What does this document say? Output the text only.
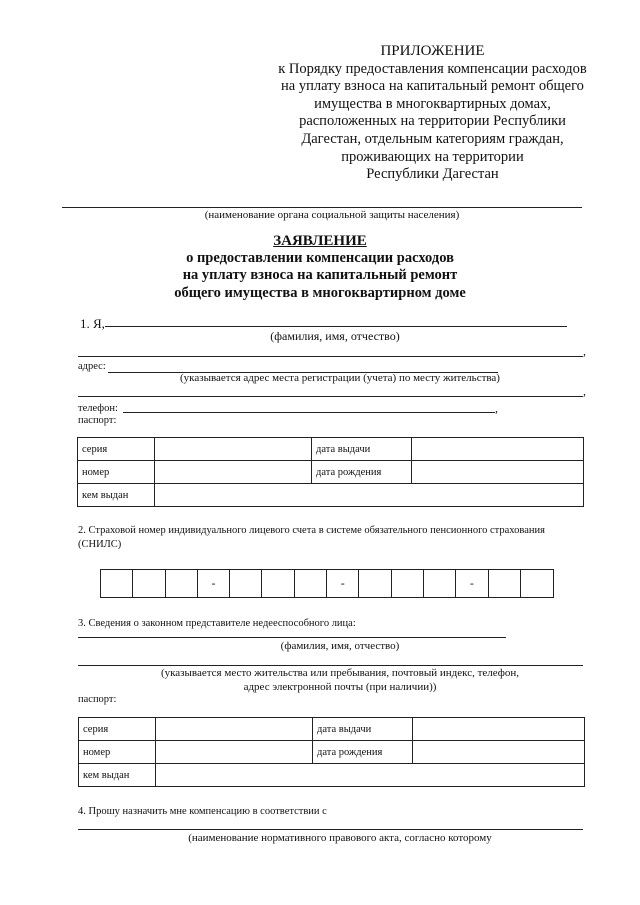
ПРИЛОЖЕНИЕ
к Порядку предоставления компенсации расходов
на уплату взноса на капитальный ремонт общего
имущества в многоквартирных домах,
расположенных на территории Республики
Дагестан, отдельным категориям граждан,
проживающих на территории
Республики Дагестан
(наименование органа социальной защиты населения)
ЗАЯВЛЕНИЕ
о предоставлении компенсации расходов
на уплату взноса на капитальный ремонт
общего имущества в многоквартирном доме
1. Я,
(фамилия, имя, отчество)
,
адрес:
(указывается адрес места регистрации (учета) по месту жительства)
,
телефон:	,
паспорт:
серия		дата выдачи	
номер		дата рождения	
кем выдан			
2. Страховой номер индивидуального лицевого счета в системе обязательного пенсионного страхования (СНИЛС)
-	-	-
3. Сведения о законном представителе недееспособного лица:
(фамилия, имя, отчество)
(указывается место жительства или пребывания, почтовый индекс, телефон,
адрес электронной почты (при наличии))
паспорт:
серия		дата выдачи	
номер		дата рождения	
кем выдан			
4. Прошу назначить мне компенсацию в соответствии с
(наименование нормативного правового акта, согласно которому
